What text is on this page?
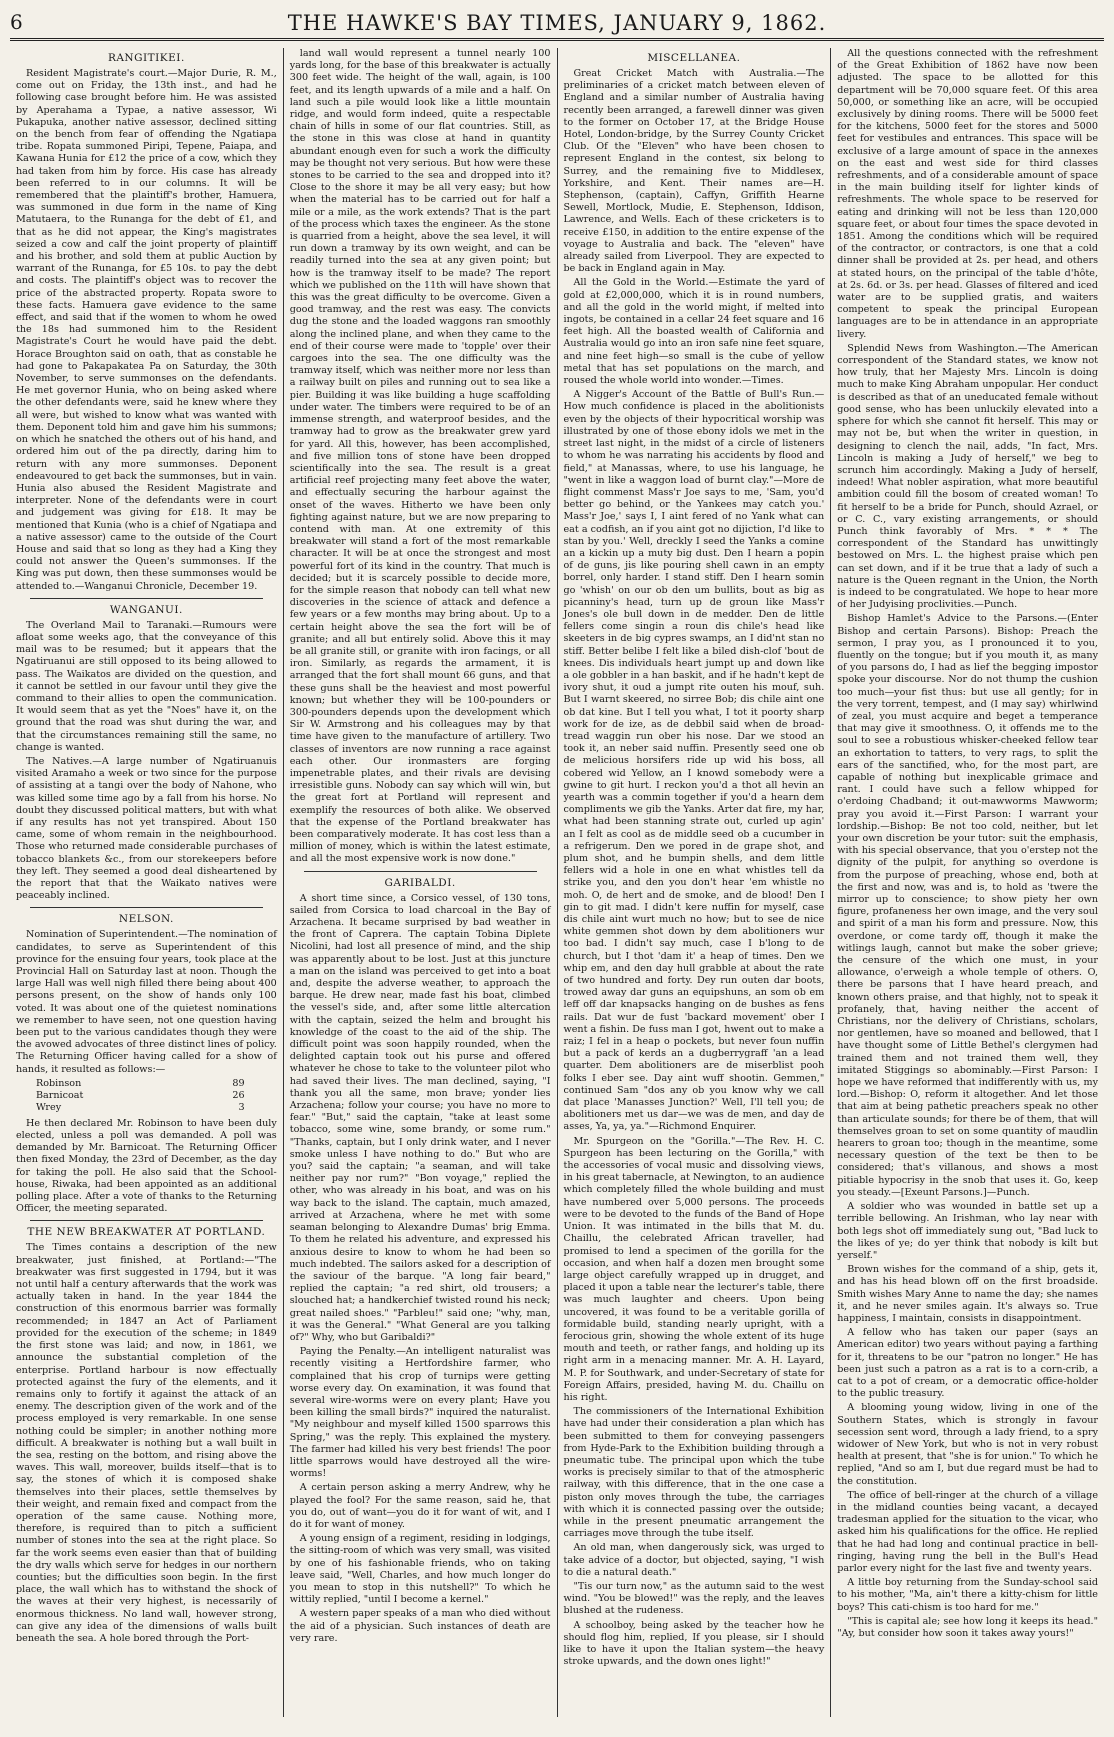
6	THE HAWKE'S BAY TIMES, JANUARY 9, 1862.
RANGITIKEI.

Resident Magistrate's court.—Major Durie, R. M., come out on Friday, the 13th inst., and had he following case brought before him. He was assisted by Aperahama a Typae, a native assessor, Wi Pukapuka, another native assessor, declined sitting on the bench from fear of offending the Ngatiapa tribe. Ropata summoned Piripi, Tepene, Paiapa, and Kawana Hunia for £12 the price of a cow, which they had taken from him by force. His case has already been referred to in our columns. It will be remembered that the plaintiff's brother, Hamuera, was summoned in due form in the name of King Matutaera, to the Runanga for the debt of £1, and that as he did not appear, the King's magistrates seized a cow and calf the joint property of plaintiff and his brother, and sold them at public Auction by warrant of the Runanga, for £5 10s. to pay the debt and costs. The plaintiff's object was to recover the price of the abstracted property. Ropata swore to these facts. Hamuera gave evidence to the same effect, and said that if the women to whom he owed the 18s had summoned him to the Resident Magistrate's Court he would have paid the debt. Horace Broughton said on oath, that as constable he had gone to Pakapakatea Pa on Saturday, the 30th November, to serve summonses on the defendants. He met governor Hunia, who on being asked where the other defendants were, said he knew where they all were, but wished to know what was wanted with them. Deponent told him and gave him his summons; on which he snatched the others out of his hand, and ordered him out of the pa directly, daring him to return with any more summonses. Deponent endeavoured to get back the summonses, but in vain. Hunia also abused the Resident Magistrate and interpreter. None of the defendants were in court and judgement was giving for £18. It may be mentioned that Kunia (who is a chief of Ngatiapa and a native assessor) came to the outside of the Court House and said that so long as they had a King they could not answer the Queen's summonses. If the King was put down, then these summonses would be attended to.—Wanganui Chronicle, December 19.

WANGANUI.

The Overland Mail to Taranaki.—Rumours were afloat some weeks ago, that the conveyance of this mail was to be resumed; but it appears that the Ngatiruanui are still opposed to its being allowed to pass. The Waikatos are divided on the question, and it cannot be settled in our favour until they give the command to their allies to open the communication. It would seem that as yet the "Noes" have it, on the ground that the road was shut during the war, and that the circumstances remaining still the same, no change is wanted.

The Natives.—A large number of Ngatiruanuis visited Aramaho a week or two since for the purpose of assisting at a tangi over the body of Nahone, who was killed some time ago by a fall from his horse. No doubt they discussed political matters, but with what if any results has not yet transpired. About 150 came, some of whom remain in the neighbourhood. Those who returned made considerable purchases of tobacco blankets &c., from our storekeepers before they left. They seemed a good deal disheartened by the report that that the Waikato natives were peaceably inclined.

NELSON.

Nomination of Superintendent.—The nomination of candidates, to serve as Superintendent of this province for the ensuing four years, took place at the Provincial Hall on Saturday last at noon. Though the large Hall was well nigh filled there being about 400 persons present, on the show of hands only 100 voted. It was about one of the quietest nominations we remember to have seen, not one question having been put to the various candidates though they were the avowed advocates of three distinct lines of policy. The Returning Officer having called for a show of hands, it resulted as follows:—

Robinson	89
Barnicoat	26
Wrey	3

He then declared Mr. Robinson to have been duly elected, unless a poll was demanded. A poll was demanded by Mr. Barnicoat. The Returning Officer then fixed Monday, the 23rd of December, as the day for taking the poll. He also said that the School-house, Riwaka, had been appointed as an additional polling place. After a vote of thanks to the Returning Officer, the meeting separated.

THE NEW BREAKWATER AT PORTLAND.

The Times contains a description of the new breakwater, just finished, at Portland:—"The breakwater was first suggested in 1794, but it was not until half a century afterwards that the work was actually taken in hand. In the year 1844 the construction of this enormous barrier was formally recommended; in 1847 an Act of Parliament provided for the execution of the scheme; in 1849 the first stone was laid; and now, in 1861, we announce the substantial completion of the enterprise. Portland harbour is now effectually protected against the fury of the elements, and it remains only to fortify it against the attack of an enemy. The description given of the work and of the process employed is very remarkable. In one sense nothing could be simpler; in another nothing more difficult. A breakwater is nothing but a wall built in the sea, resting on the bottom, and rising above the waves. This wall, moreover, builds itself—that is to say, the stones of which it is composed shake themselves into their places, settle themselves by their weight, and remain fixed and compact from the operation of the same cause. Nothing more, therefore, is required than to pitch a sufficient number of stones into the sea at the right place. So far the work seems even easier than that of building the dry walls which serve for hedges in our northern counties; but the difficulties soon begin. In the first place, the wall which has to withstand the shock of the waves at their very highest, is necessarily of enormous thickness. No land wall, however strong, can give any idea of the dimensions of walls built beneath the sea. A hole bored through the Port-

land wall would represent a tunnel nearly 100 yards long, for the base of this breakwater is actually 300 feet wide. The height of the wall, again, is 100 feet, and its length upwards of a mile and a half. On land such a pile would look like a little mountain ridge, and would form indeed, quite a respectable chain of hills in some of our flat countries. Still, as the stone in this was close at hand in quantity abundant enough even for such a work the difficulty may be thought not very serious. But how were these stones to be carried to the sea and dropped into it? Close to the shore it may be all very easy; but how when the material has to be carried out for half a mile or a mile, as the work extends? That is the part of the process which taxes the engineer. As the stone is quarried from a height, above the sea level, it will run down a tramway by its own weight, and can be readily turned into the sea at any given point; but how is the tramway itself to be made? The report which we published on the 11th will have shown that this was the great difficulty to be overcome. Given a good tramway, and the rest was easy. The convicts dug the stone and the loaded waggons ran smoothly along the inclined plane, and when they came to the end of their course were made to 'topple' over their cargoes into the sea. The one difficulty was the tramway itself, which was neither more nor less than a railway built on piles and running out to sea like a pier. Building it was like building a huge scaffolding under water. The timbers were required to be of an immense strength, and waterproof besides, and the tramway had to grow as the breakwater grew yard for yard. All this, however, has been accomplished, and five million tons of stone have been dropped scientifically into the sea. The result is a great artificial reef projecting many feet above the water, and effectually securing the harbour against the onset of the waves. Hitherto we have been only fighting against nature, but we are now preparing to contend with man. At one extremity of this breakwater will stand a fort of the most remarkable character. It will be at once the strongest and most powerful fort of its kind in the country. That much is decided; but it is scarcely possible to decide more, for the simple reason that nobody can tell what new discoveries in the science of attack and defence a few years or a few months may bring about. Up to a certain height above the sea the fort will be of granite; and all but entirely solid. Above this it may be all granite still, or granite with iron facings, or all iron. Similarly, as regards the armament, it is arranged that the fort shall mount 66 guns, and that these guns shall be the heaviest and most powerful known; but whether they will be 100-pounders or 300-pounders depends upon the development which Sir W. Armstrong and his colleagues may by that time have given to the manufacture of artillery. Two classes of inventors are now running a race against each other. Our ironmasters are forging impenetrable plates, and their rivals are devising irresistible guns. Nobody can say which will win, but the great fort at Portland will represent and exemplify the resources of both alike. We observed that the expense of the Portland breakwater has been comparatively moderate. It has cost less than a million of money, which is within the latest estimate, and all the most expensive work is now done."

GARIBALDI.

A short time since, a Corsico vessel, of 130 tons, sailed from Corsica to load charcoal in the Bay of Arzachena. It became surprised by bad weather in the front of Caprera. The captain Tobina Diplete Nicolini, had lost all presence of mind, and the ship was apparently about to be lost. Just at this juncture a man on the island was perceived to get into a boat and, despite the adverse weather, to approach the barque. He drew near, made fast his boat, climbed the vessel's side, and, after some little altercation with the captain, seized the helm and brought his knowledge of the coast to the aid of the ship. The difficult point was soon happily rounded, when the delighted captain took out his purse and offered whatever he chose to take to the volunteer pilot who had saved their lives. The man declined, saying, "I thank you all the same, mon brave; yonder lies Arzachena; follow your course; you have no more to fear." "But," said the captain, "take at least some tobacco, some wine, some brandy, or some rum." "Thanks, captain, but I only drink water, and I never smoke unless I have nothing to do." But who are you? said the captain; "a seaman, and will take neither pay nor rum?" "Bon voyage," replied the other, who was already in his boat, and was on his way back to the island. The captain, much amazed, arrived at Arzachena, where he met with some seaman belonging to Alexandre Dumas' brig Emma. To them he related his adventure, and expressed his anxious desire to know to whom he had been so much indebted. The sailors asked for a description of the saviour of the barque. "A long fair beard," replied the captain; "a red shirt, old trousers; a slouched hat; a handkerchief twisted round his neck; great nailed shoes." "Parbleu!" said one; "why, man, it was the General." "What General are you talking of?" Why, who but Garibaldi?"

Paying the Penalty.—An intelligent naturalist was recently visiting a Hertfordshire farmer, who complained that his crop of turnips were getting worse every day. On examination, it was found that several wire-worms were on every plant; Have you been killing the small birds?" inquired the naturalist. "My neighbour and myself killed 1500 sparrows this Spring," was the reply. This explained the mystery. The farmer had killed his very best friends! The poor little sparrows would have destroyed all the wire-worms!

A certain person asking a merry Andrew, why he played the fool? For the same reason, said he, that you do, out of want—you do it for want of wit, and I do it for want of money.

A young ensign of a regiment, residing in lodgings, the sitting-room of which was very small, was visited by one of his fashionable friends, who on taking leave said, "Well, Charles, and how much longer do you mean to stop in this nutshell?" To which he wittily replied, "until I become a kernel."

A western paper speaks of a man who died without the aid of a physician. Such instances of death are very rare.

MISCELLANEA.

Great Cricket Match with Australia.—The preliminaries of a cricket match between eleven of England and a similar number of Australia having recently been arranged, a farewell dinner was given to the former on October 17, at the Bridge House Hotel, London-bridge, by the Surrey County Cricket Club. Of the "Eleven" who have been chosen to represent England in the contest, six belong to Surrey, and the remaining five to Middlesex, Yorkshire, and Kent. Their names are—H. Stephenson, (captain), Caffyn, Griffith Hearne Sewell, Mortlock, Mudie, E. Stephenson, Iddison, Lawrence, and Wells. Each of these cricketers is to receive £150, in addition to the entire expense of the voyage to Australia and back. The "eleven" have already sailed from Liverpool. They are expected to be back in England again in May.

All the Gold in the World.—Estimate the yard of gold at £2,000,000, which it is in round numbers, and all the gold in the world might, if melted into ingots, be contained in a cellar 24 feet square and 16 feet high. All the boasted wealth of California and Australia would go into an iron safe nine feet square, and nine feet high—so small is the cube of yellow metal that has set populations on the march, and roused the whole world into wonder.—Times.

A Nigger's Account of the Battle of Bull's Run.—How much confidence is placed in the abolitionists even by the objects of their hypocritical worship was illustrated by one of those ebony idols we met in the street last night, in the midst of a circle of listeners to whom he was narrating his accidents by flood and field," at Manassas, where, to use his language, he "went in like a waggon load of burnt clay."—More de flight commenst Mass'r Joe says to me, 'Sam, you'd better go behind, or the Yankees may catch you.' Mass'r Joe,' says I, I aint fered of no Yank what can eat a codfish, an if you aint got no dijiction, I'd like to stan by you.' Well, dreckly I seed the Yanks a comine an a kickin up a muty big dust. Den I hearn a popin of de guns, jis like pouring shell cawn in an empty borrel, only harder. I stand stiff. Den I hearn somin go 'whish' on our ob den um bullits, bout as big as picanniny's head, turn up de groun like Mass'r Jones's ole bull down in de medder. Den de little fellers come singin a roun dis chile's head like skeeters in de big cypres swamps, an I did'nt stan no stiff. Better belibe I felt like a biled dish-clof 'bout de knees. Dis individuals heart jumpt up and down like a ole gobbler in a han baskit, and if he hadn't kept de ivory shut, it oud a jumpt rite outen his mouf, suh. But I warnt skeered, no sirree Bob; dis chile aint one ob dat kine. But I tell you what, I tot it poorty sharp work for de ize, as de debbil said when de broad-tread waggin run ober his nose. Dar we stood an took it, an neber said nuffin. Presently seed one ob de melicious horsifers ride up wid his boss, all cobered wid Yellow, an I knowd somebody were a gwine to git hurt. I reckon you'd a thot all hevin an yearth was a commin together if you'd a hearn dem compliments we gib the Yanks. Arter dat fire, my har, what had been stanning strate out, curled up agin' an I felt as cool as de middle seed ob a cucumber in a refrigerum. Den we pored in de grape shot, and plum shot, and he bumpin shells, and dem little fellers wid a hole in one en what whistles tell da strike you, and den you don't hear 'em whistle no moh. O, de hert and de smoke, and de blood! Den I gin to git mad. I didn't kere nuffin for myself, case dis chile aint wurt much no how; but to see de nice white gemmen shot down by dem abolitioners wur too bad. I didn't say much, case I b'long to de church, but I thot 'dam it' a heap of times. Den we whip em, and den day hull grabble at about the rate of two hundred and forty. Dey run outen dar boots, trowed away dar guns an equipshuns, an som ob em leff off dar knapsacks hanging on de bushes as fens rails. Dat wur de fust 'backard movement' ober I went a fishin. De fuss man I got, hwent out to make a raiz; I fel in a heap o pockets, but never foun nuffin but a pack of kerds an a dugberrygraff 'an a lead quarter. Dem abolitioners are de miserblist pooh folks I eber see. Day aint wuff shootin. Gemmen," continued Sam "dos any ob you know why we call dat place 'Manasses Junction?' Well, I'll tell you; de abolitioners met us dar—we was de men, and day de asses, Ya, ya, ya."—Richmond Enquirer.

Mr. Spurgeon on the "Gorilla."—The Rev. H. C. Spurgeon has been lecturing on the Gorilla," with the accessories of vocal music and dissolving views, in his great tabernacle, at Newington, to an audience which completely filled the whole building and must have numbered over 5,000 persons. The proceeds were to be devoted to the funds of the Band of Hope Union. It was intimated in the bills that M. du. Chaillu, the celebrated African traveller, had promised to lend a specimen of the gorilla for the occasion, and when half a dozen men brought some large object carefully wrapped up in drugget, and placed it upon a table near the lecturer's table, there was much laughter and cheers. Upon being uncovered, it was found to be a veritable gorilla of formidable build, standing nearly upright, with a ferocious grin, showing the whole extent of its huge mouth and teeth, or rather fangs, and holding up its right arm in a menacing manner. Mr. A. H. Layard, M. P. for Southwark, and under-Secretary of state for Foreign Affairs, presided, having M. du. Chaillu on his right.

The commissioners of the International Exhibition have had under their consideration a plan which has been submitted to them for conveying passengers from Hyde-Park to the Exhibition building through a pneumatic tube. The principal upon which the tube works is precisely similar to that of the atmospheric railway, with this difference, that in the one case a piston only moves through the tube, the carriages with which it is connected passing over the outside; while in the present pneumatic arrangement the carriages move through the tube itself.

An old man, when dangerously sick, was urged to take advice of a doctor, but objected, saying, "I wish to die a natural death."

"Tis our turn now," as the autumn said to the west wind. "You be blowed!" was the reply, and the leaves blushed at the rudeness.

A schoolboy, being asked by the teacher how he should flog him, replied, If you please, sir I should like to have it upon the Italian system—the heavy stroke upwards, and the down ones light!"

All the questions connected with the refreshment of the Great Exhibition of 1862 have now been adjusted. The space to be allotted for this department will be 70,000 square feet. Of this area 50,000, or something like an acre, will be occupied exclusively by dining rooms. There will be 5000 feet for the kitchens, 5000 feet for the stores and 5000 feet for vestibules and entrances. This space will be exclusive of a large amount of space in the annexes on the east and west side for third classes refreshments, and of a considerable amount of space in the main building itself for lighter kinds of refreshments. The whole space to be reserved for eating and drinking will not be less than 120,000 square feet, or about four times the space devoted in 1851. Among the conditions which will be required of the contractor, or contractors, is one that a cold dinner shall be provided at 2s. per head, and others at stated hours, on the principal of the table d'hôte, at 2s. 6d. or 3s. per head. Glasses of filtered and iced water are to be supplied gratis, and waiters competent to speak the principal European languages are to be in attendance in an appropriate livery.

Splendid News from Washington.—The American correspondent of the Standard states, we know not how truly, that her Majesty Mrs. Lincoln is doing much to make King Abraham unpopular. Her conduct is described as that of an uneducated female without good sense, who has been unluckily elevated into a sphere for which she cannot fit herself. This may or may not be, but when the writer in question, in designing to clench the nail, adds, "In fact, Mrs. Lincoln is making a Judy of herself," we beg to scrunch him accordingly. Making a Judy of herself, indeed! What nobler aspiration, what more beautiful ambition could fill the bosom of created woman! To fit herself to be a bride for Punch, should Azrael, or or C. C., vary existing arrangements, or should Punch think favorably of Mrs. * * * The correspondent of the Standard has unwittingly bestowed on Mrs. L. the highest praise which pen can set down, and if it be true that a lady of such a nature is the Queen regnant in the Union, the North is indeed to be congratulated. We hope to hear more of her Judyising proclivities.—Punch.

Bishop Hamlet's Advice to the Parsons.—(Enter Bishop and certain Parsons). Bishop: Preach the sermon, I pray you, as I pronounced it to you, fluently on the tongue; but if you mouth it, as many of you parsons do, I had as lief the begging impostor spoke your discourse. Nor do not thump the cushion too much—your fist thus: but use all gently; for in the very torrent, tempest, and (I may say) whirlwind of zeal, you must acquire and beget a temperance that may give it smoothness. O, it offends me to the soul to see a robustious whisker-cheeked fellow tear an exhortation to tatters, to very rags, to split the ears of the sanctified, who, for the most part, are capable of nothing but inexplicable grimace and rant. I could have such a fellow whipped for o'erdoing Chadband; it out-mawworms Mawworm; pray you avoid it.—First Parson: I warrant your lordship.—Bishop: Be not too cold, neither, but let your own discretion be your tutor: suit the emphasis, with his special observance, that you o'erstep not the dignity of the pulpit, for anything so overdone is from the purpose of preaching, whose end, both at the first and now, was and is, to hold as 'twere the mirror up to conscience; to show piety her own figure, profaneness her own image, and the very soul and spirit of a man his form and pressure. Now, this overdone, or come tardy off, though it make the witlings laugh, cannot but make the sober grieve; the censure of the which one must, in your allowance, o'erweigh a whole temple of others. O, there be parsons that I have heard preach, and known others praise, and that highly, not to speak it profanely, that, having neither the accent of Christians, nor the delivery of Christians, scholars, nor gentlemen, have so moaned and bellowed, that I have thought some of Little Bethel's clergymen had trained them and not trained them well, they imitated Stiggings so abominably.—First Parson: I hope we have reformed that indifferently with us, my lord.—Bishop: O, reform it altogether. And let those that aim at being pathetic preachers speak no other than articulate sounds; for there be of them, that will themselves groan to set on some quantity of maudlin hearers to groan too; though in the meantime, some necessary question of the text be then to be considered; that's villanous, and shows a most pitiable hypocrisy in the snob that uses it. Go, keep you steady.—[Exeunt Parsons.]—Punch.

A soldier who was wounded in battle set up a terrible bellowing. An Irishman, who lay near with both legs shot off immediately sung out, "Bad luck to the likes of ye; do yer think that nobody is kilt but yerself."

Brown wishes for the command of a ship, gets it, and has his head blown off on the first broadside. Smith wishes Mary Anne to name the day; she names it, and he never smiles again. It's always so. True happiness, I maintain, consists in disappointment.

A fellow who has taken our paper (says an American editor) two years without paying a farthing for it, threatens to be our "patron no longer." He has been just such a patron as a rat is to a corn-crib, a cat to a pot of cream, or a democratic office-holder to the public treasury.

A blooming young widow, living in one of the Southern States, which is strongly in favour secession sent word, through a lady friend, to a spry widower of New York, but who is not in very robust health at present, that "she is for union." To which he replied, "And so am I, but due regard must be had to the constitution.

The office of bell-ringer at the church of a village in the midland counties being vacant, a decayed tradesman applied for the situation to the vicar, who asked him his qualifications for the office. He replied that he had had long and continual practice in bell-ringing, having rung the bell in the Bull's Head parlor every night for the last five and twenty years.

A little boy returning from the Sunday-school said to his mother, "Ma, ain't there a kitty-chism for little boys? This cati-chism is too hard for me."

"This is capital ale; see how long it keeps its head." "Ay, but consider how soon it takes away yours!"
